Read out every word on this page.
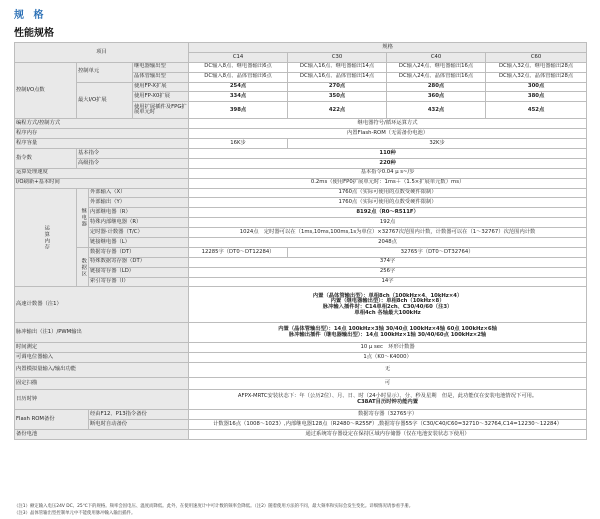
规 格
性能规格
项目				规格			
				C14	C30	C40	C60
控制I/O点数	控制单元		继电器输出型	DC输入8点、继电器输出6点	DC输入16点、继电器输出14点	DC输入24点、继电器输出16点	DC输入32点、继电器输出28点
			晶体管输出型	DC输入8点、晶体管输出6点	DC输入16点、晶体管输出14点	DC输入24点、晶体管输出16点	DC输入32点、晶体管输出28点
	最大I/O扩展		使用FP-X扩展	254点	270点	280点	300点
			使用FP-X0扩展	334点	350点	360点	380点
			使用扩展插件及FPG扩展单元时	398点	422点	432点	452点
编程方式/控制方式				继电器符号/循环运算方式			
程序内存				内置Flash-ROM（无需备份电池）			
程序容量				16K步	32K步		
指令数	基本指令			110种			
	高级指令			220种			
运算处理速度				基本指令0.04 μ s~/步			
I/O刷新+基本时间				0.2ms（使用FP0扩展单元时：1ms＋（1.5×扩展单元数）ms）			
运算内存	继电器	外部输入（X）		1760点（实际可使用的点数受硬件限制）			
		外部输出（Y）		1760点（实际可使用的点数受硬件限制）			
		内部继电器（R）		8192点（R0～R511F）			
		特殊内部继电器（R）		192点			
		定时器·计数器（T/C）		1024点　定时器可以在（1ms,10ms,100ms,1s为单位）×32767次范围内计数，计数器可以在（1～32767）次范围内计数			
		链接继电器（L）		2048点			
	数据区	数据寄存器（DT）		12285字（DT0～DT12284）	32765字（DT0～DT32764）		
		特殊数据寄存器（DT）		374字			
		链接寄存器（LD）		256字			
		索引寄存器（I）		14字			
高速计数器（注1）				内置（晶体管输出型）：单相8ch（100kHz×4、10kHz×4）
内置（继电器输出型）：单相8ch（10kHz×8）
脉冲输入插件时：C14单相2ch、C30/40/60（注3）
单相4ch 各轴最大100kHz			

脉冲输出（注1）/PWM输出				内置（晶体管输出型）：14点 100kHz×3轴 30/40点 100kHz×4轴 60点 100kHz×6轴
脉冲输出插件（继电器输出型）：14点 100kHz×1轴 30/40/60点 100kHz×2轴			

时间测定				10 μ sec　环形计数器			
可调电位器输入				1点（K0～K4000）			
内置模拟量输入/输出功能				无			
固定扫描				可			
日历时钟				AFPX-MRTC安装状态下：年（公历2位）、月、日、时（24小时显示）、分、秒及星期　但是，此功能仅在安装电池情况下可用。
C38AT目历时钟功能内置			

Flash ROM备份		经由F12、P13指令备份		数据寄存器（32765字）			
		断电时自动备份		计数器16点（1008～1023）,内部继电器128点（R2480～R255F）,数据寄存器55字（C30/C40/C60=32710～32764,C14=12230～12284）			
备份电池				通过系统寄存器设定在保持区域内存储器（仅在电池安装状态下使用）			
（注1）额定输入电压24V DC、25℃下的规格。频率会因电压、温度而降低。此外，在使用速度计中可计数的频率会降低。（注2）随着使用方法的不同，最大频率和实际会发生变化。详细情况请参看手册。
（注3）晶体管输出型控制单元中不能使用脉冲输入输出插件。
